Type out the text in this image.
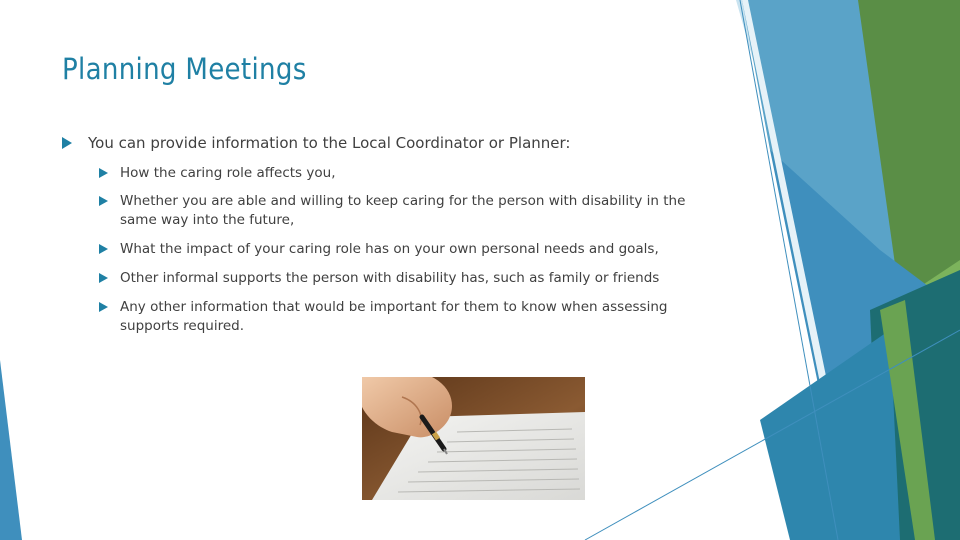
Planning Meetings
You can provide information to the Local Coordinator or Planner:
How the caring role affects you,
Whether you are able and willing to keep caring for the person with disability in the same way into the future,
What the impact of your caring role has on your own personal needs and goals,
Other informal supports the person with disability has, such as family or friends
Any other information that would be important for them to know when assessing supports required.
